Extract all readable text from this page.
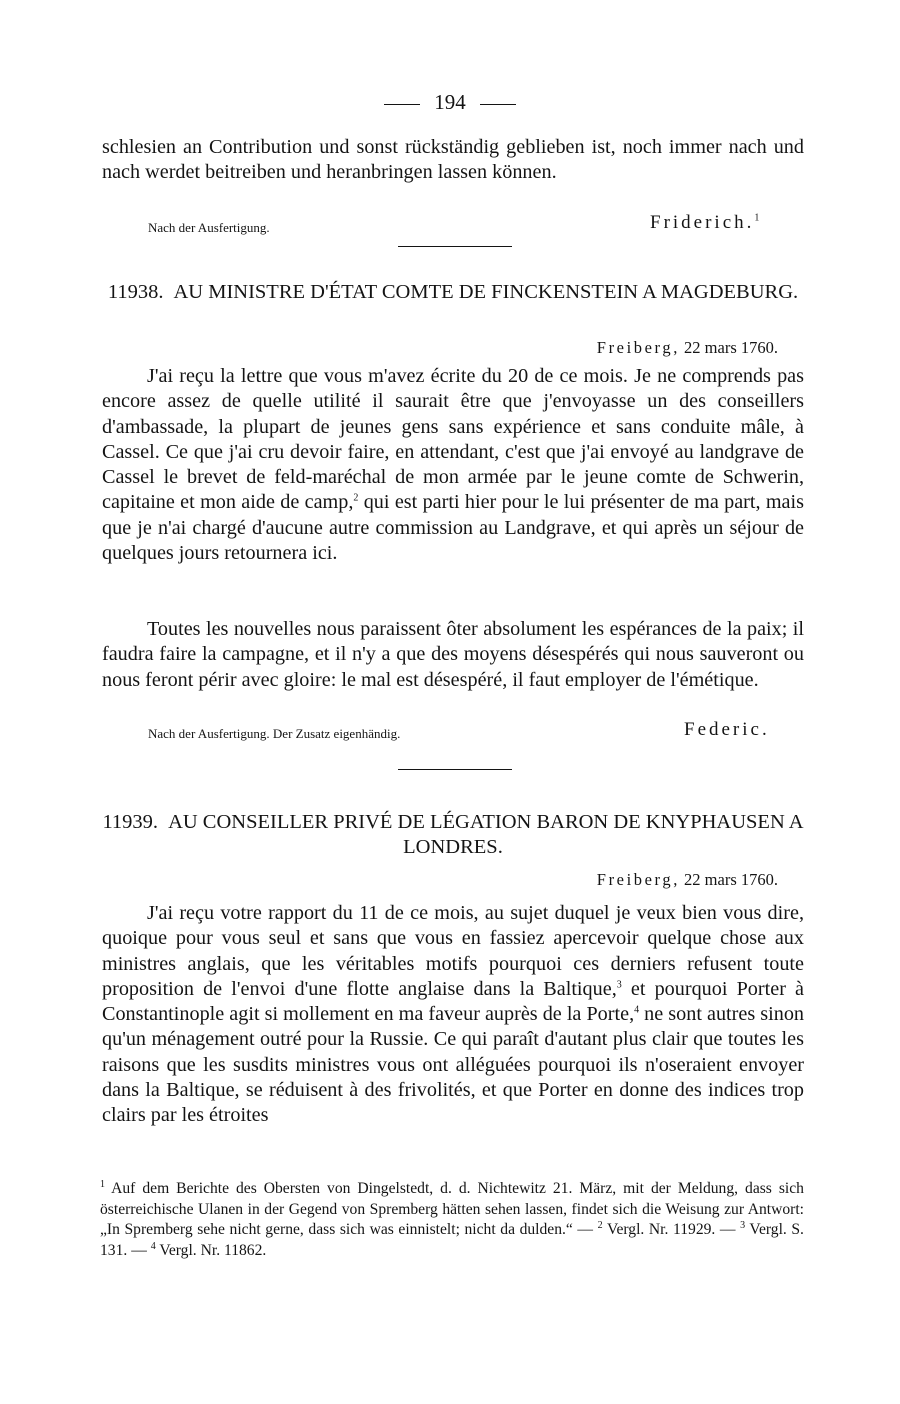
194

schlesien an Contribution und sonst rückständig geblieben ist, noch immer nach und nach werdet beitreiben und heranbringen lassen können.

Nach der Ausfertigung.	Friderich.$^1$

11938. AU MINISTRE D'ÉTAT COMTE DE FINCKENSTEIN A MAGDEBURG.

Freiberg, 22 mars 1760.

J'ai reçu la lettre que vous m'avez écrite du 20 de ce mois. Je ne comprends pas encore assez de quelle utilité il saurait être que j'envoyasse un des conseillers d'ambassade, la plupart de jeunes gens sans expérience et sans conduite mâle, à Cassel. Ce que j'ai cru devoir faire, en attendant, c'est que j'ai envoyé au landgrave de Cassel le brevet de feld-maréchal de mon armée par le jeune comte de Schwerin, capitaine et mon aide de camp,$^2$ qui est parti hier pour le lui présenter de ma part, mais que je n'ai chargé d'aucune autre commission au Landgrave, et qui après un séjour de quelques jours retournera ici.

Toutes les nouvelles nous paraissent ôter absolument les espérances de la paix; il faudra faire la campagne, et il n'y a que des moyens désespérés qui nous sauveront ou nous feront périr avec gloire: le mal est désespéré, il faut employer de l'émétique.

Nach der Ausfertigung. Der Zusatz eigenhändig.	Federic.

11939. AU CONSEILLER PRIVÉ DE LÉGATION BARON DE KNYPHAUSEN A LONDRES.

Freiberg, 22 mars 1760.

J'ai reçu votre rapport du 11 de ce mois, au sujet duquel je veux bien vous dire, quoique pour vous seul et sans que vous en fassiez apercevoir quelque chose aux ministres anglais, que les véritables motifs pourquoi ces derniers refusent toute proposition de l'envoi d'une flotte anglaise dans la Baltique,$^3$ et pourquoi Porter à Constantinople agit si mollement en ma faveur auprès de la Porte,$^4$ ne sont autres sinon qu'un ménagement outré pour la Russie. Ce qui paraît d'autant plus clair que toutes les raisons que les susdits ministres vous ont alléguées pourquoi ils n'oseraient envoyer dans la Baltique, se réduisent à des frivolités, et que Porter en donne des indices trop clairs par les étroites

$^1$ Auf dem Berichte des Obersten von Dingelstedt, d. d. Nichtewitz 21. März, mit der Meldung, dass sich österreichische Ulanen in der Gegend von Spremberg hätten sehen lassen, findet sich die Weisung zur Antwort: „In Spremberg sehe nicht gerne, dass sich was einnistelt; nicht da dulden.“ — $^2$ Vergl. Nr. 11929. — $^3$ Vergl. S. 131. — $^4$ Vergl. Nr. 11862.
